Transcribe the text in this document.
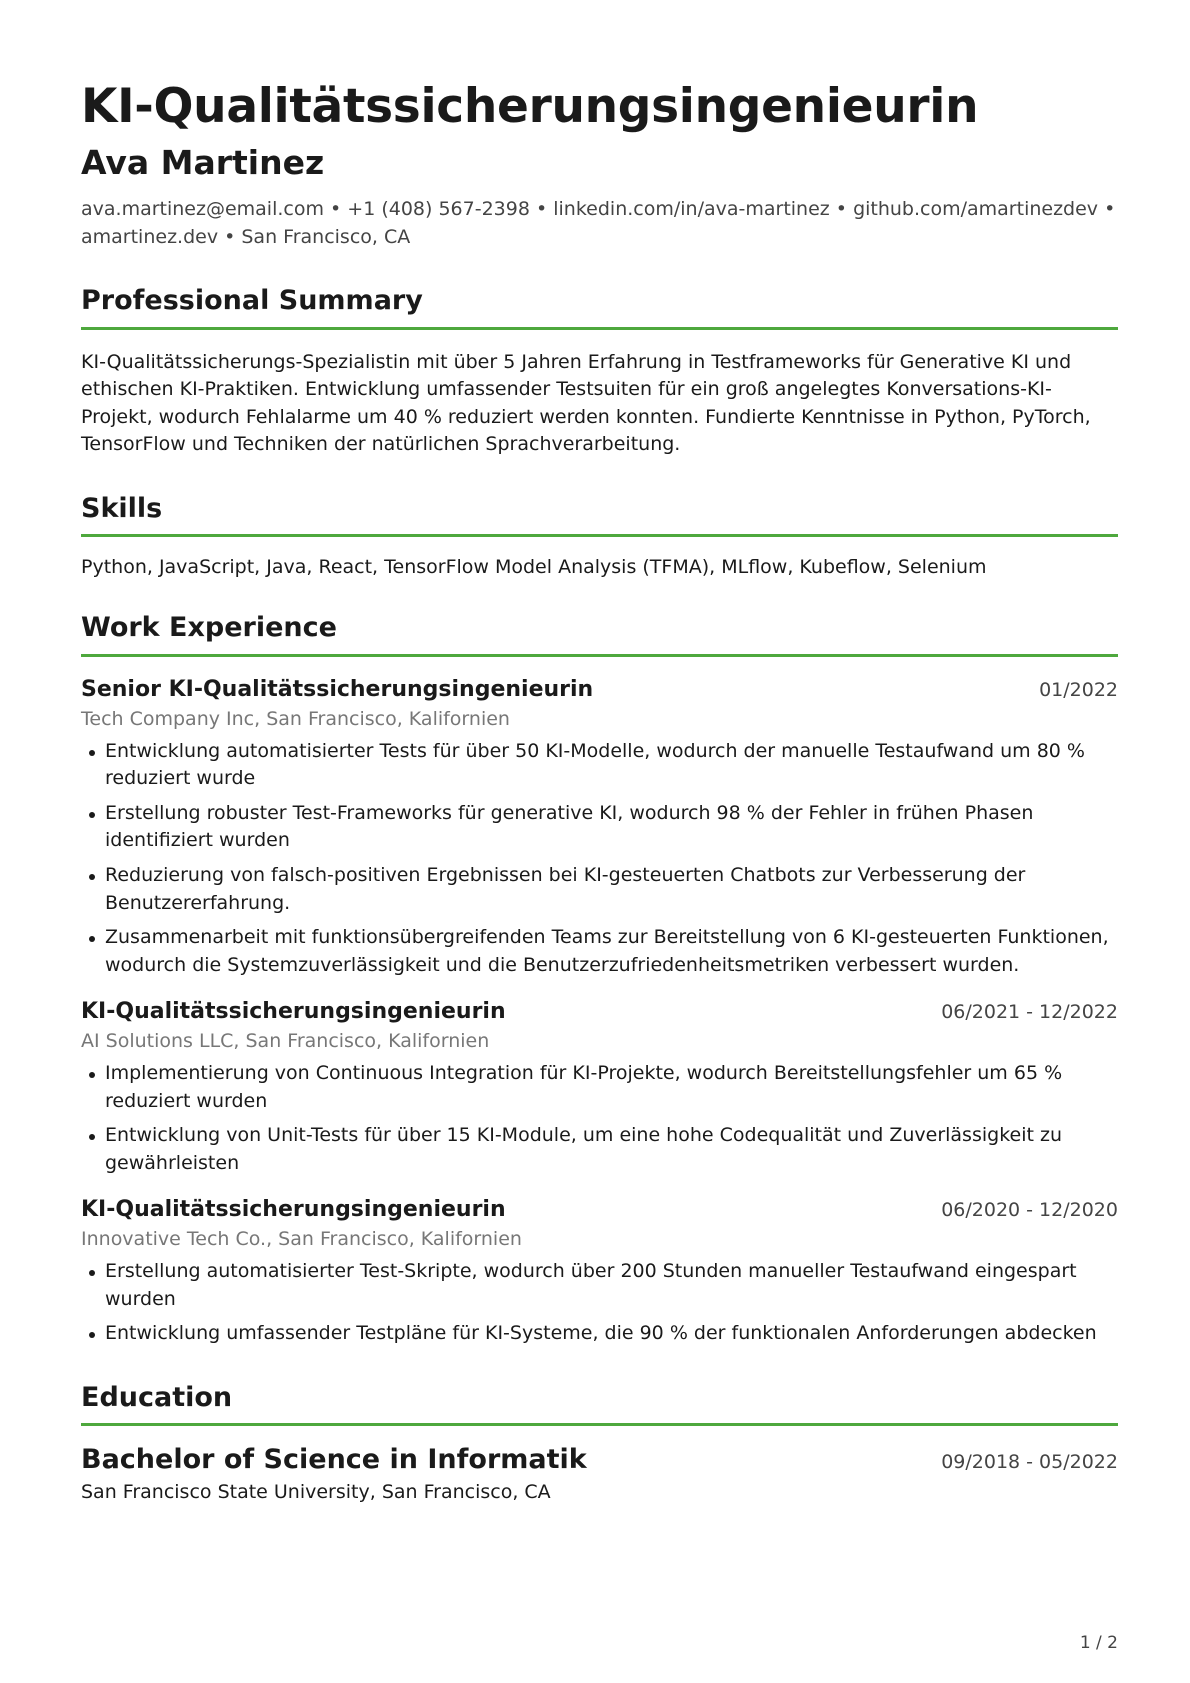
KI-Qualitätssicherungsingenieurin
Ava Martinez
ava.martinez@email.com • +1 (408) 567-2398 • linkedin.com/in/ava-martinez • github.com/amartinezdev • amartinez.dev • San Francisco, CA
Professional Summary
KI-Qualitätssicherungs-Spezialistin mit über 5 Jahren Erfahrung in Testframeworks für Generative KI und ethischen KI-Praktiken. Entwicklung umfassender Testsuiten für ein groß angelegtes Konversations-KI-Projekt, wodurch Fehlalarme um 40 % reduziert werden konnten. Fundierte Kenntnisse in Python, PyTorch, TensorFlow und Techniken der natürlichen Sprachverarbeitung.
Skills
Python, JavaScript, Java, React, TensorFlow Model Analysis (TFMA), MLflow, Kubeflow, Selenium
Work Experience
Senior KI-Qualitätssicherungsingenieurin	01/2022
Tech Company Inc, San Francisco, Kalifornien
Entwicklung automatisierter Tests für über 50 KI-Modelle, wodurch der manuelle Testaufwand um 80 % reduziert wurde
Erstellung robuster Test-Frameworks für generative KI, wodurch 98 % der Fehler in frühen Phasen identifiziert wurden
Reduzierung von falsch-positiven Ergebnissen bei KI-gesteuerten Chatbots zur Verbesserung der Benutzererfahrung.
Zusammenarbeit mit funktionsübergreifenden Teams zur Bereitstellung von 6 KI-gesteuerten Funktionen, wodurch die Systemzuverlässigkeit und die Benutzerzufriedenheitsmetriken verbessert wurden.
KI-Qualitätssicherungsingenieurin	06/2021 - 12/2022
AI Solutions LLC, San Francisco, Kalifornien
Implementierung von Continuous Integration für KI-Projekte, wodurch Bereitstellungsfehler um 65 % reduziert wurden
Entwicklung von Unit-Tests für über 15 KI-Module, um eine hohe Codequalität und Zuverlässigkeit zu gewährleisten
KI-Qualitätssicherungsingenieurin	06/2020 - 12/2020
Innovative Tech Co., San Francisco, Kalifornien
Erstellung automatisierter Test-Skripte, wodurch über 200 Stunden manueller Testaufwand eingespart wurden
Entwicklung umfassender Testpläne für KI-Systeme, die 90 % der funktionalen Anforderungen abdecken
Education
Bachelor of Science in Informatik	09/2018 - 05/2022
San Francisco State University, San Francisco, CA
1 / 2
